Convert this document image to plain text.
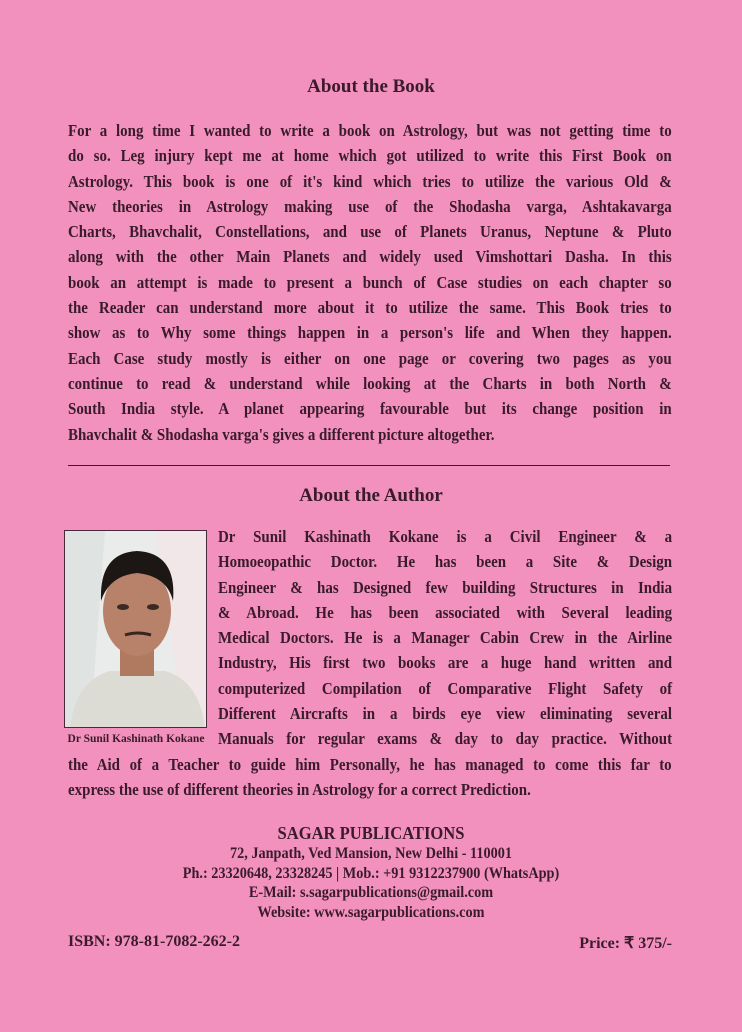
About the Book
For a long time I wanted to write a book on Astrology, but was not getting time to
do so. Leg injury kept me at home which got utilized to write this First Book on
Astrology. This book is one of it's kind which tries to utilize the various Old &
New theories in Astrology making use of the Shodasha varga, Ashtakavarga
Charts, Bhavchalit, Constellations, and use of Planets Uranus, Neptune & Pluto
along with the other Main Planets and widely used Vimshottari Dasha. In this
book an attempt is made to present a bunch of Case studies on each chapter so
the Reader can understand more about it to utilize the same. This Book tries to
show as to Why some things happen in a person's life and When they happen.
Each Case study mostly is either on one page or covering two pages as you
continue to read & understand while looking at the Charts in both North &
South India style. A planet appearing favourable but its change position in
Bhavchalit & Shodasha varga's gives a different picture altogether.
About the Author
Dr Sunil Kashinath Kokane
Dr Sunil Kashinath Kokane is a Civil Engineer & a
Homoeopathic Doctor. He has been a Site & Design
Engineer & has Designed few building Structures in India
& Abroad. He has been associated with Several leading
Medical Doctors. He is a Manager Cabin Crew in the Airline
Industry, His first two books are a huge hand written and
computerized Compilation of Comparative Flight Safety of
Different Aircrafts in a birds eye view eliminating several
Manuals for regular exams & day to day practice. Without
the Aid of a Teacher to guide him Personally, he has managed to come this far to
express the use of different theories in Astrology for a correct Prediction.
SAGAR PUBLICATIONS
72, Janpath, Ved Mansion, New Delhi - 110001
Ph.: 23320648, 23328245 | Mob.: +91 9312237900 (WhatsApp)
E-Mail: s.sagarpublications@gmail.com
Website: www.sagarpublications.com
ISBN: 978-81-7082-262-2	Price: ₹ 375/-
